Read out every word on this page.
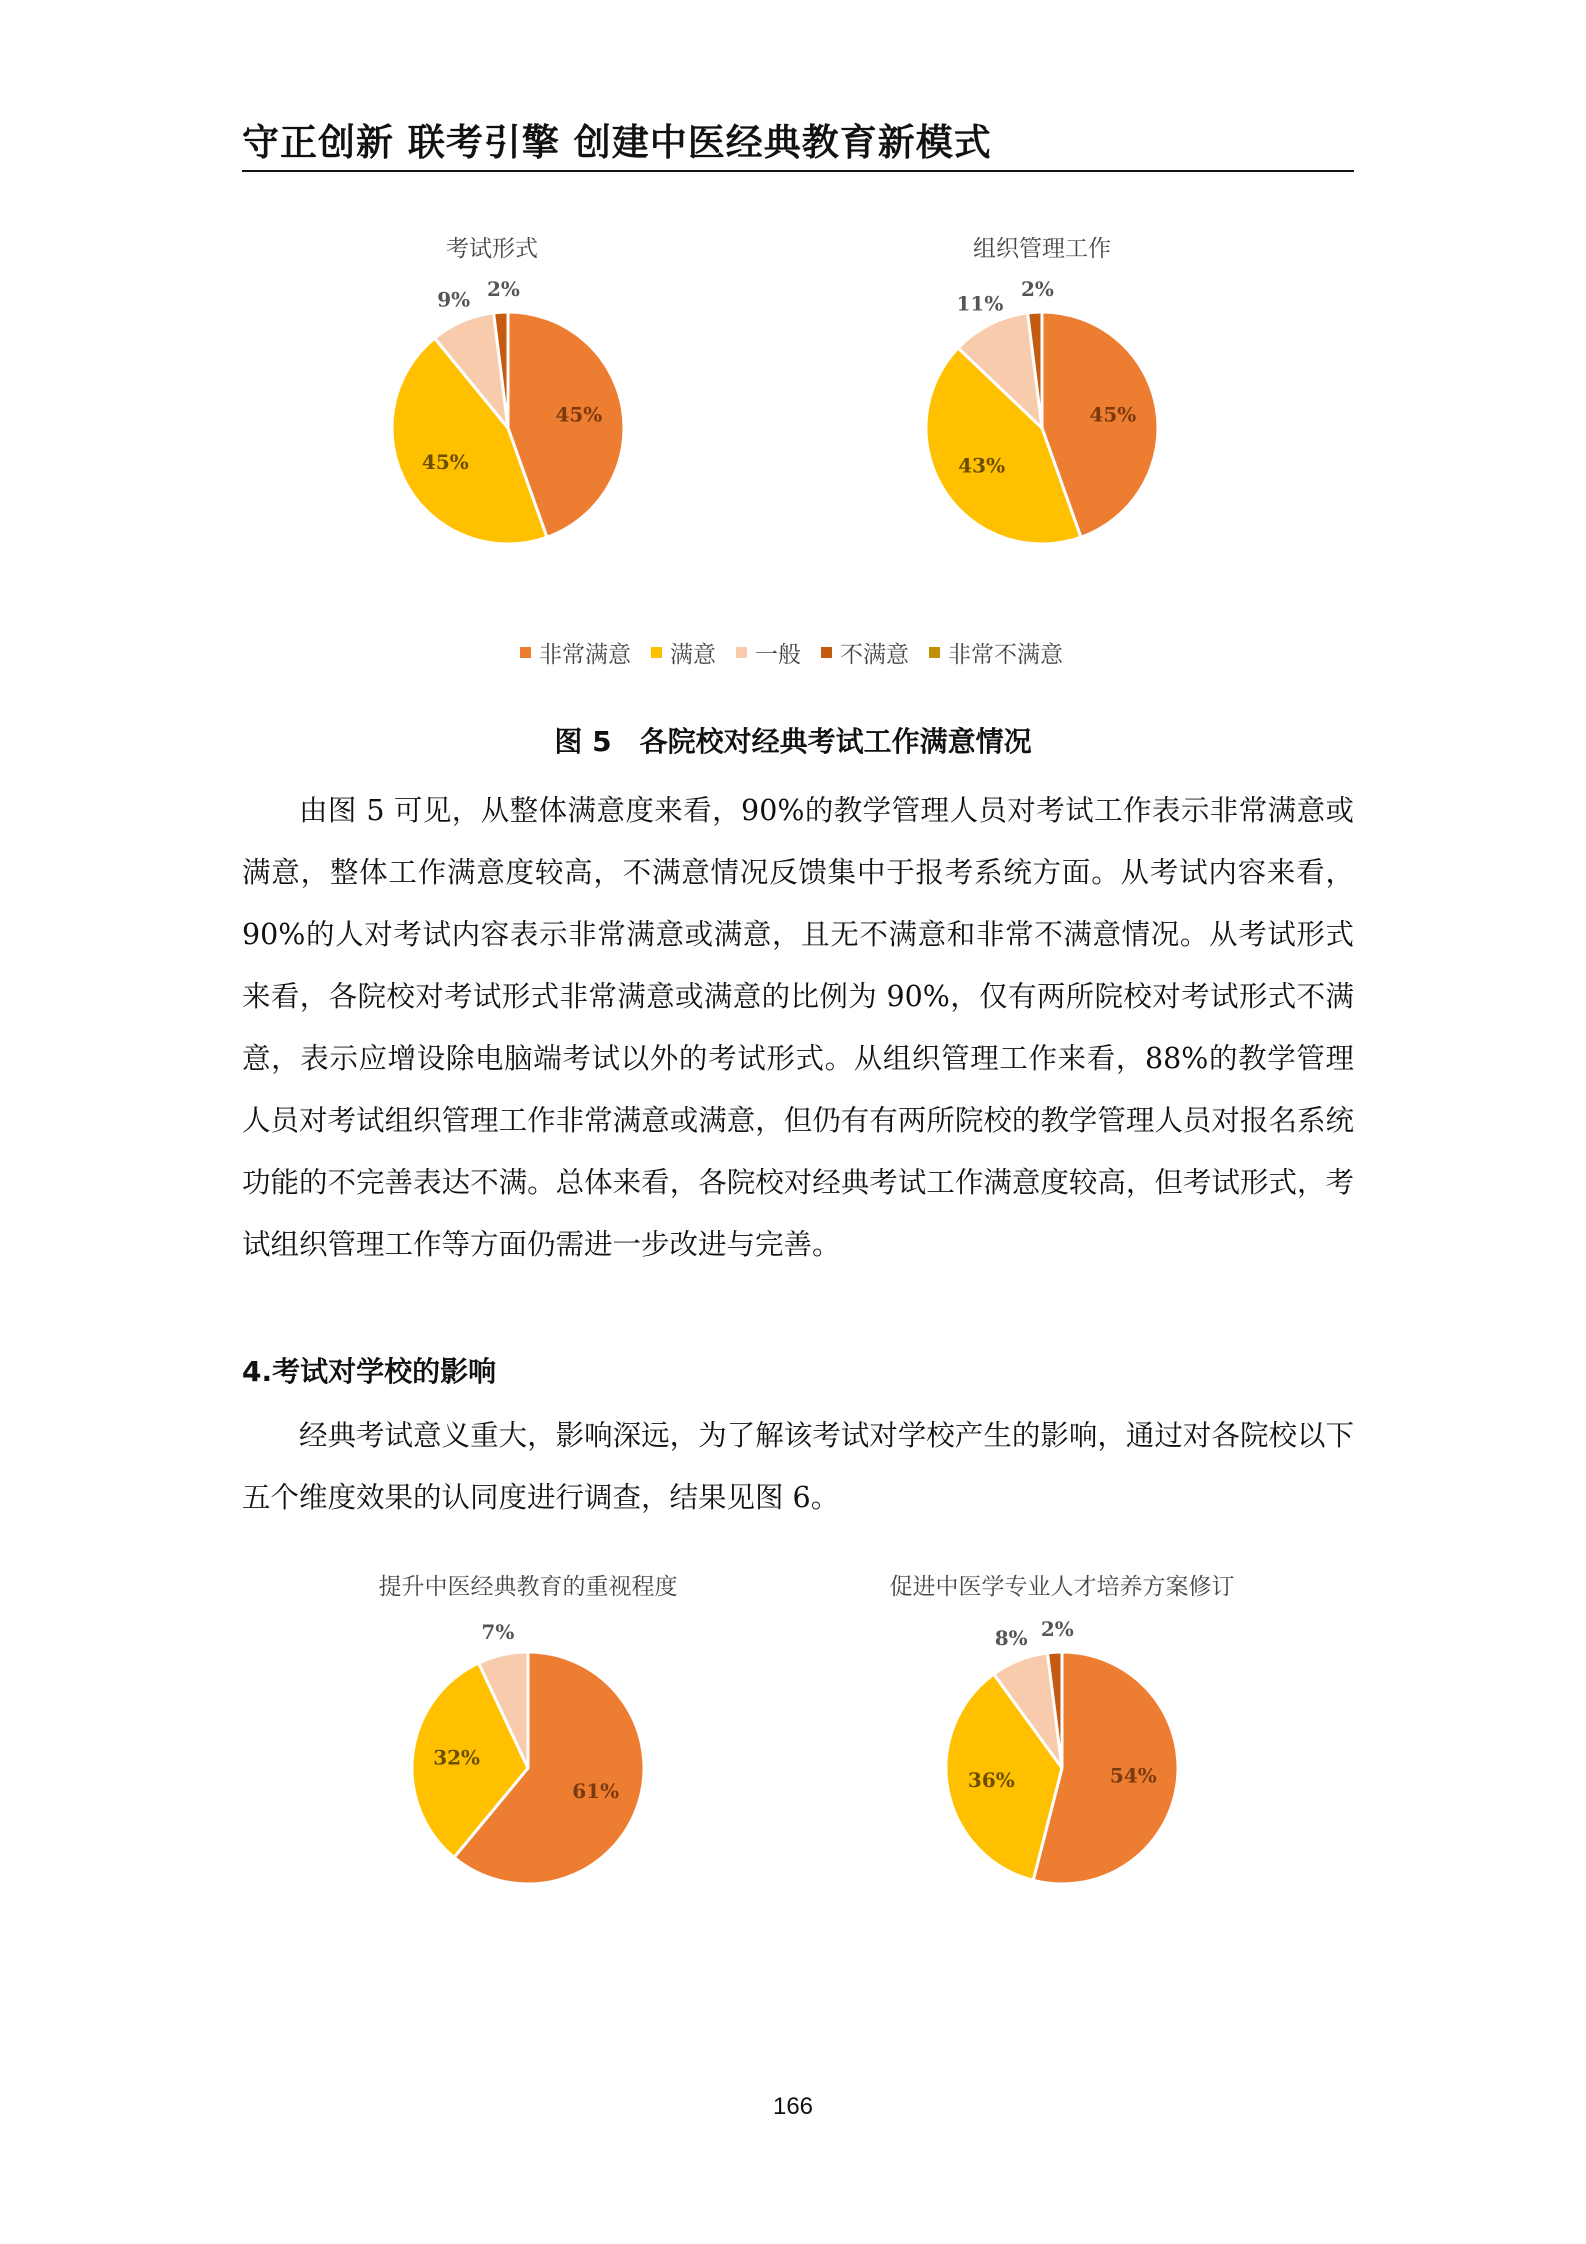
守正创新 联考引擎 创建中医经典教育新模式
考试形式
45%
45%
9% 2%
组织管理工作
45%
43%
11%
2%
非常满意 满意 一般 不满意 非常不满意
图 5　各院校对经典考试工作满意情况

由图 5 可见，从整体满意度来看，90%的教学管理人员对考试工作表示非常满意或满意，整体工作满意度较高，不满意情况反馈集中于报考系统方面。从考试内容来看，90%的人对考试内容表示非常满意或满意，且无不满意和非常不满意情况。从考试形式来看，各院校对考试形式非常满意或满意的比例为 90%，仅有两所院校对考试形式不满意，表示应增设除电脑端考试以外的考试形式。从组织管理工作来看，88%的教学管理人员对考试组织管理工作非常满意或满意，但仍有有两所院校的教学管理人员对报名系统功能的不完善表达不满。总体来看，各院校对经典考试工作满意度较高，但考试形式，考试组织管理工作等方面仍需进一步改进与完善。

4.考试对学校的影响

经典考试意义重大，影响深远，为了解该考试对学校产生的影响，通过对各院校以下五个维度效果的认同度进行调查，结果见图 6。

提升中医经典教育的重视程度
61%
32%
7%
促进中医学专业人才培养方案修订
54%
36%
8% 2%
166
